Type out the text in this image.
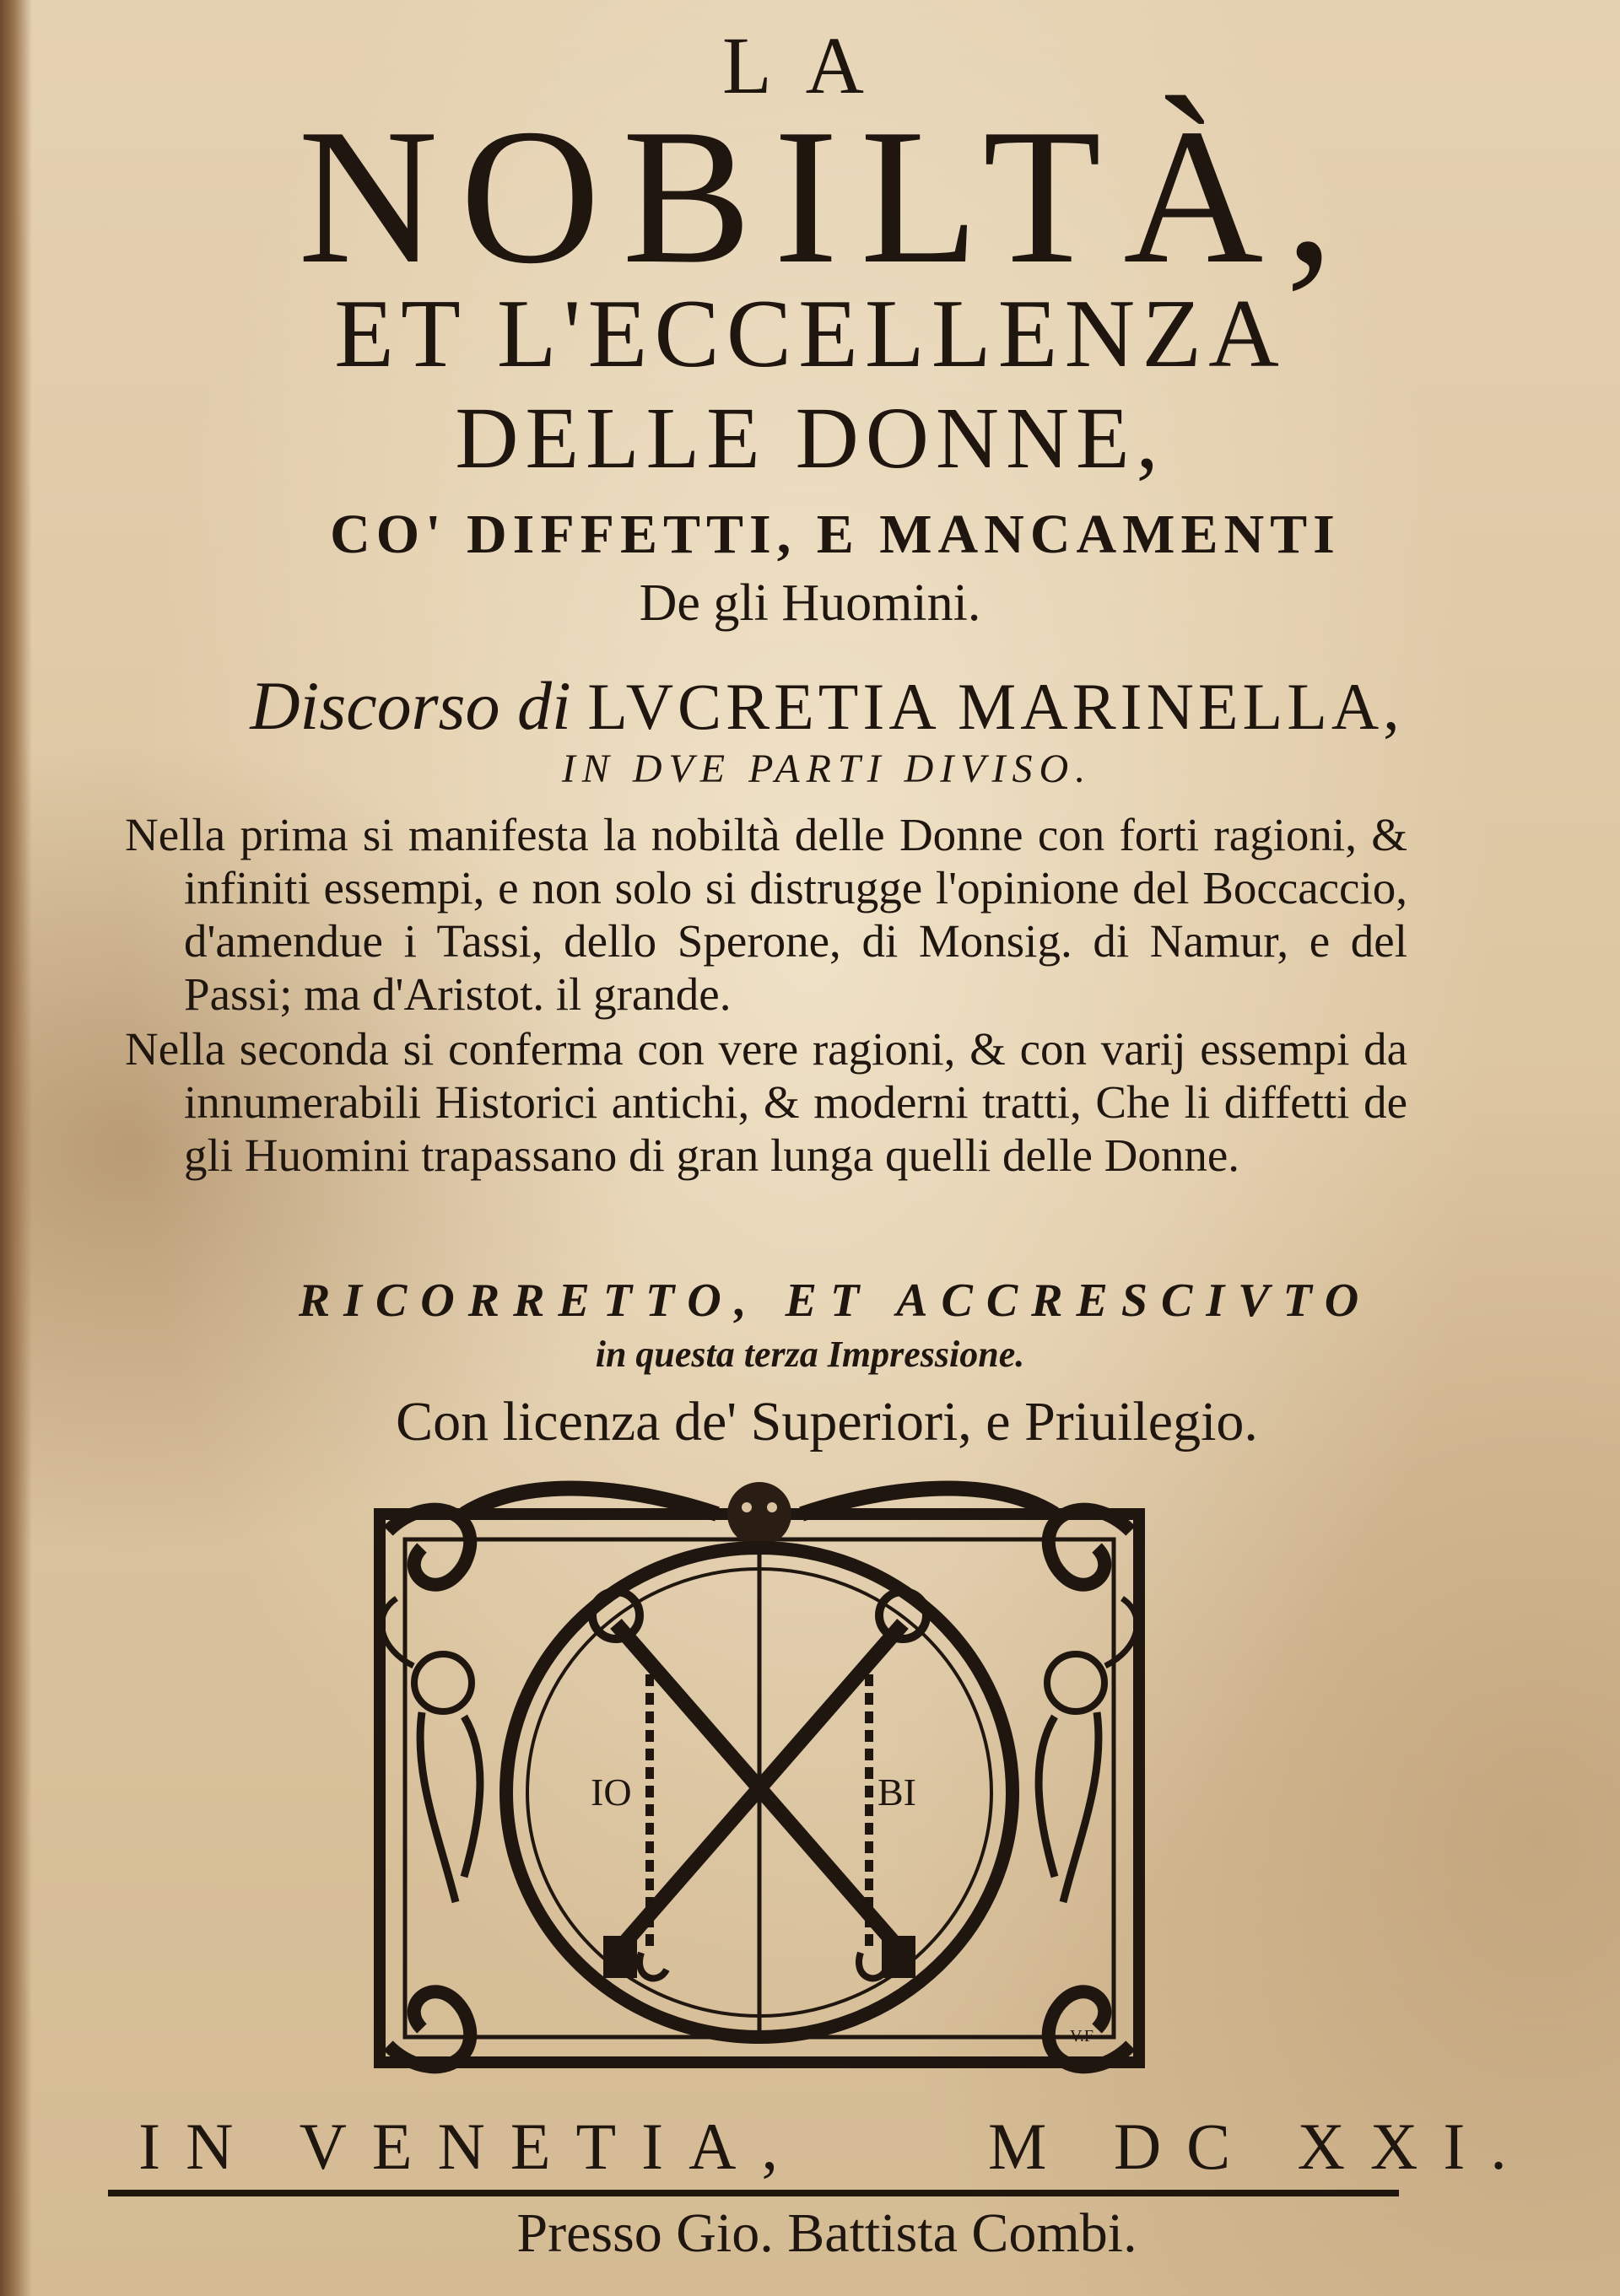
LA
NOBILTÀ,
ET L'ECCELLENZA
DELLE DONNE,
CO' DIFFETTI, E MANCAMENTI
De gli Huomini.
Discorso di LVCRETIA MARINELLA,
IN DVE PARTI DIVISO.

Nella prima si manifesta la nobiltà delle Donne con forti ragioni, & infiniti essempi, e non solo si distrugge l'opinione del Boccaccio, d'amendue i Tassi, dello Sperone, di Monsig. di Namur, e del Passi; ma d'Aristot. il grande.

Nella seconda si conferma con vere ragioni, & con varij essempi da innumerabili Historici antichi, & moderni tratti, Che li diffetti de gli Huomini trapassano di gran lunga quelli delle Donne.

RICORRETTO, ET ACCRESCIVTO
in questa terza Impressione.
Con licenza de' Superiori, e Priuilegio.
IO	BI
V.F
IN VENETIA,	M DC XXI.
Presso Gio. Battista Combi.
